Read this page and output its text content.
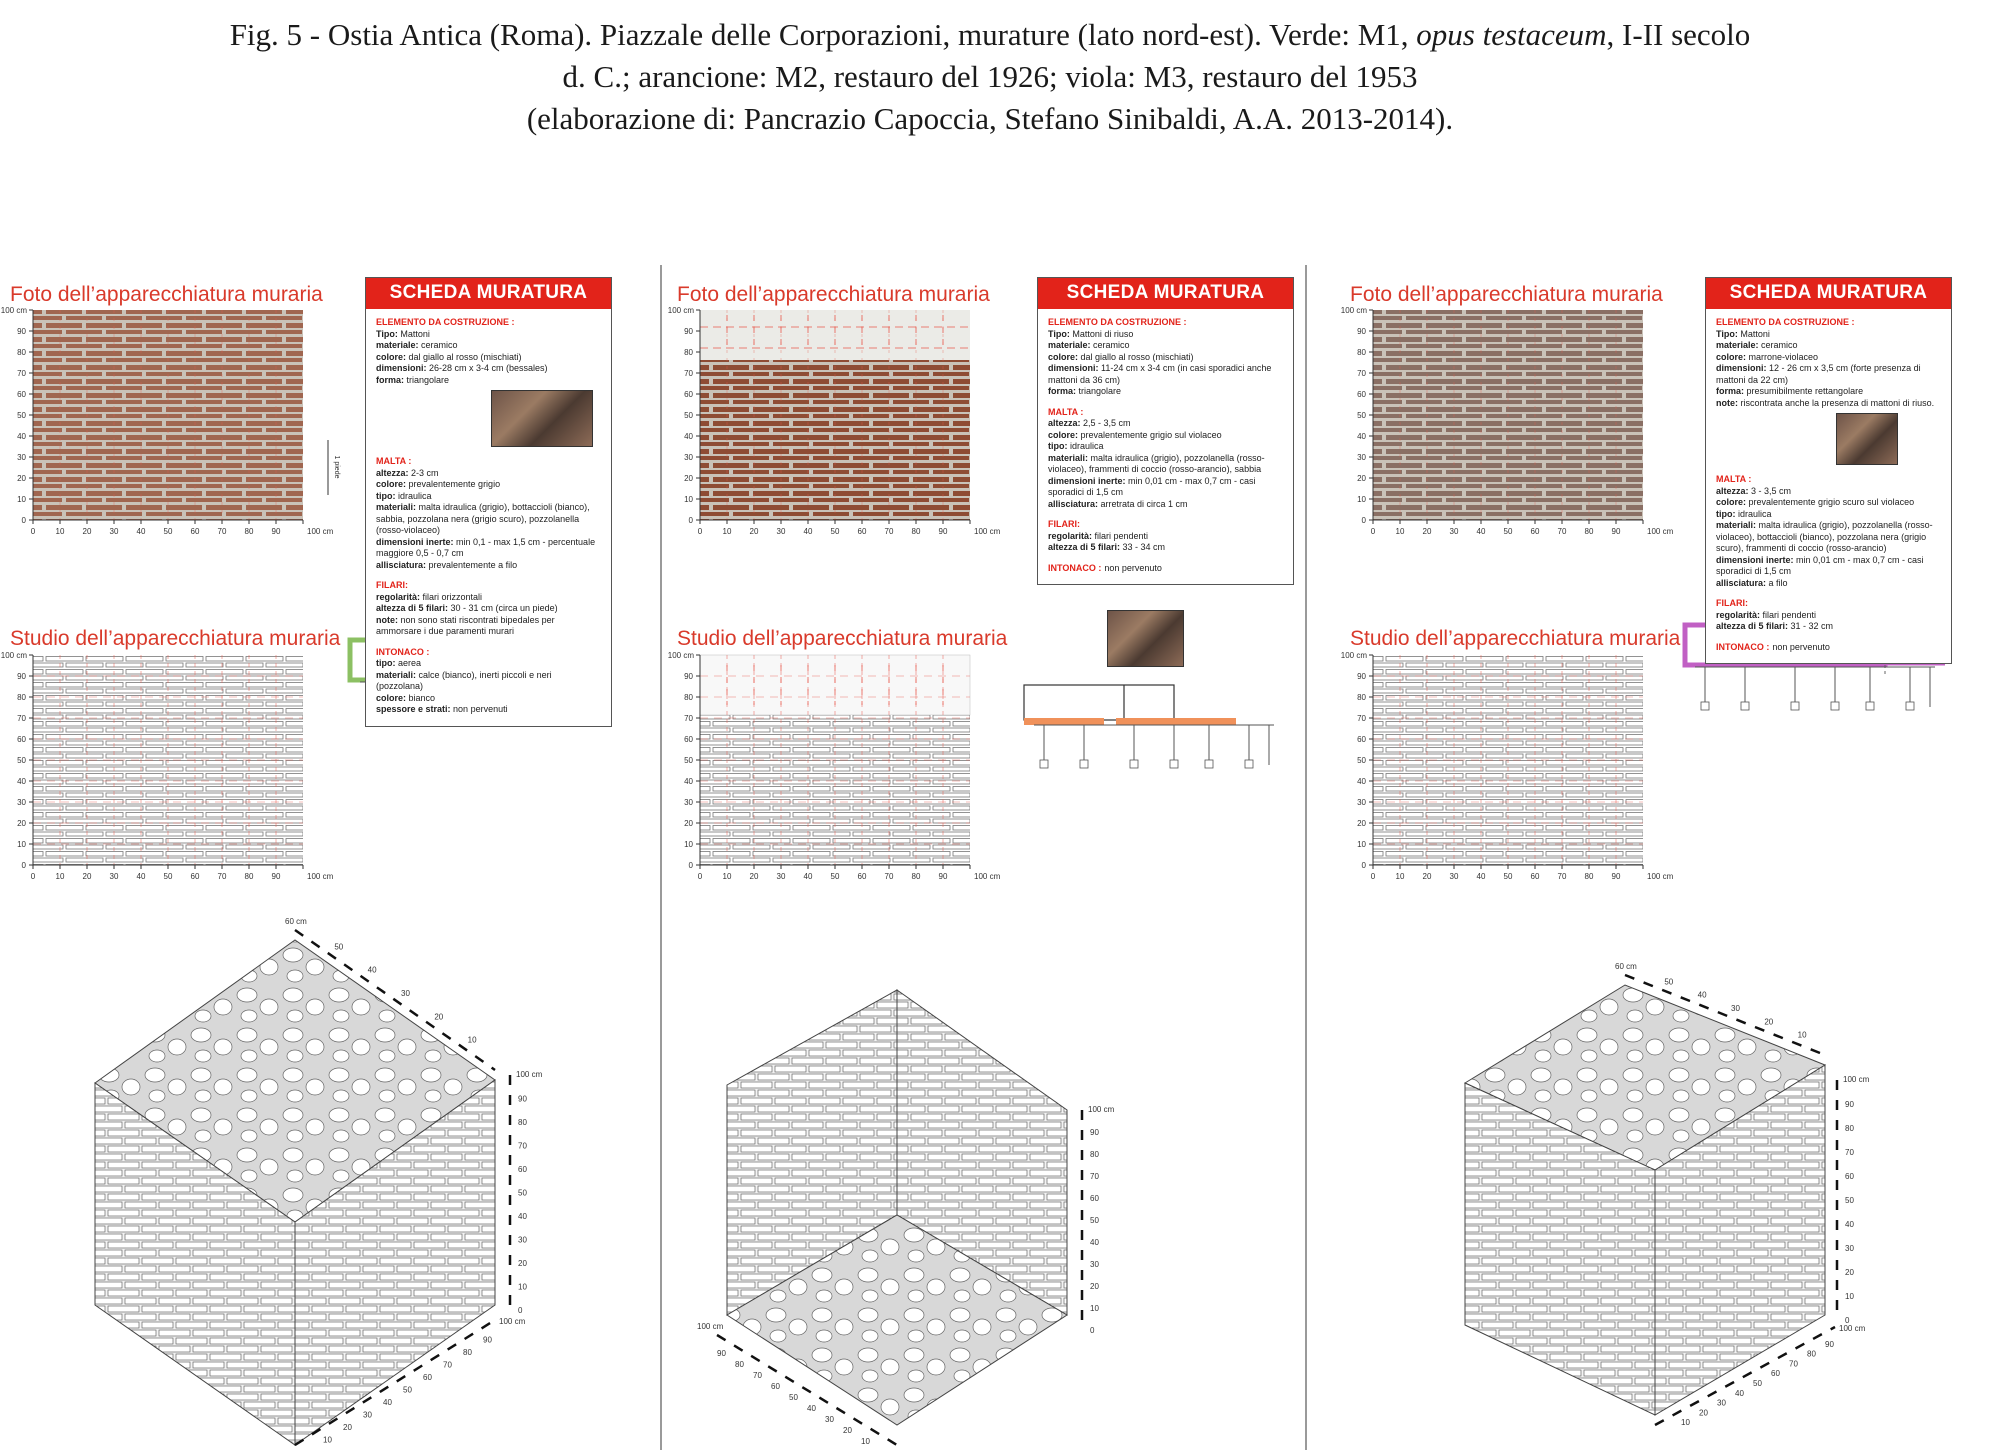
Fig. 5 - Ostia Antica (Roma). Piazzale delle Corporazioni, murature (lato nord-est). Verde: M1, opus testaceum, I-II secolo
d. C.; arancione: M2, restauro del 1926; viola: M3, restauro del 1953
(elaborazione di: Pancrazio Capoccia, Stefano Sinibaldi, A.A. 2013-2014).
Foto dell’apparecchiatura muraria
Studio dell’apparecchiatura muraria
0
0
10
10
20
20
30
30
40
40
50
50
60
60
70
70
80
80
90
90
100 cm
100 cm
1 piede
0
0
10
10
20
20
30
30
40
40
50
50
60
60
70
70
80
80
90
90
100 cm
100 cm
0
10
20
30
40
50
60
70
80
90
100 cm
60 cm
50
40
30
20
10
10
20
30
40
50
60
70
80
90
100 cm
SCHEDA MURATURA
ELEMENTO DA COSTRUZIONE :
Tipo: Mattoni
materiale: ceramico
colore: dal giallo al rosso (mischiati)
dimensioni: 26-28 cm x 3-4 cm (bessales)
forma: triangolare
MALTA :
altezza: 2-3 cm
colore: prevalentemente grigio
tipo: idraulica
materiali: malta idraulica (grigio), bottaccioli (bianco), sabbia, pozzolana nera (grigio scuro), pozzolanella (rosso-violaceo)
dimensioni inerte: min 0,1 - max 1,5 cm - percentuale maggiore 0,5 - 0,7 cm
allisciatura: prevalentemente a filo
FILARI:
regolarità: filari orizzontali
altezza di 5 filari: 30 - 31 cm (circa un piede)
note: non sono stati riscontrati bipedales per ammorsare i due paramenti murari
INTONACO :
tipo: aerea
materiali: calce (bianco), inerti piccoli e neri (pozzolana)
colore: bianco
spessore e strati: non pervenuti
Foto dell’apparecchiatura muraria
Studio dell’apparecchiatura muraria
0
0
10
10
20
20
30
30
40
40
50
50
60
60
70
70
80
80
90
90
100 cm
100 cm
0
0
10
10
20
20
30
30
40
40
50
50
60
60
70
70
80
80
90
90
100 cm
100 cm
0
10
20
30
40
50
60
70
80
90
100 cm
90
80
70
60
50
40
30
20
10
100 cm
SCHEDA MURATURA
ELEMENTO DA COSTRUZIONE :
Tipo: Mattoni di riuso
materiale: ceramico
colore: dal giallo al rosso (mischiati)
dimensioni: 11-24 cm x 3-4 cm (in casi sporadici anche mattoni da 36 cm)
forma: triangolare
MALTA :
altezza: 2,5 - 3,5 cm
colore: prevalentemente grigio sul violaceo
tipo: idraulica
materiali: malta idraulica (grigio), pozzolanella (rosso-violaceo), frammenti di coccio (rosso-arancio), sabbia
dimensioni inerte: min 0,01 cm - max 0,7 cm - casi sporadici di 1,5 cm
allisciatura: arretrata di circa 1 cm
FILARI:
regolarità: filari pendenti
altezza di 5 filari: 33 - 34 cm
INTONACO : non pervenuto
Foto dell’apparecchiatura muraria
Studio dell’apparecchiatura muraria
0
0
10
10
20
20
30
30
40
40
50
50
60
60
70
70
80
80
90
90
100 cm
100 cm
0
0
10
10
20
20
30
30
40
40
50
50
60
60
70
70
80
80
90
90
100 cm
100 cm
0
10
20
30
40
50
60
70
80
90
100 cm
60 cm
50
40
30
20
10
10
20
30
40
50
60
70
80
90
100 cm
SCHEDA MURATURA
ELEMENTO DA COSTRUZIONE :
Tipo: Mattoni
materiale: ceramico
colore: marrone-violaceo
dimensioni: 12 - 26 cm x 3,5 cm (forte presenza di mattoni da 22 cm)
forma: presumibilmente rettangolare
note: riscontrata anche la presenza di mattoni di riuso.
MALTA :
altezza: 3 - 3,5 cm
colore: prevalentemente grigio scuro sul violaceo
tipo: idraulica
materiali: malta idraulica (grigio), pozzolanella (rosso-violaceo), bottaccioli (bianco), pozzolana nera (grigio scuro), frammenti di coccio (rosso-arancio)
dimensioni inerte: min 0,01 cm - max 0,7 cm - casi sporadici di 1,5 cm
allisciatura: a filo
FILARI:
regolarità: filari pendenti
altezza di 5 filari: 31 - 32 cm
INTONACO : non pervenuto
